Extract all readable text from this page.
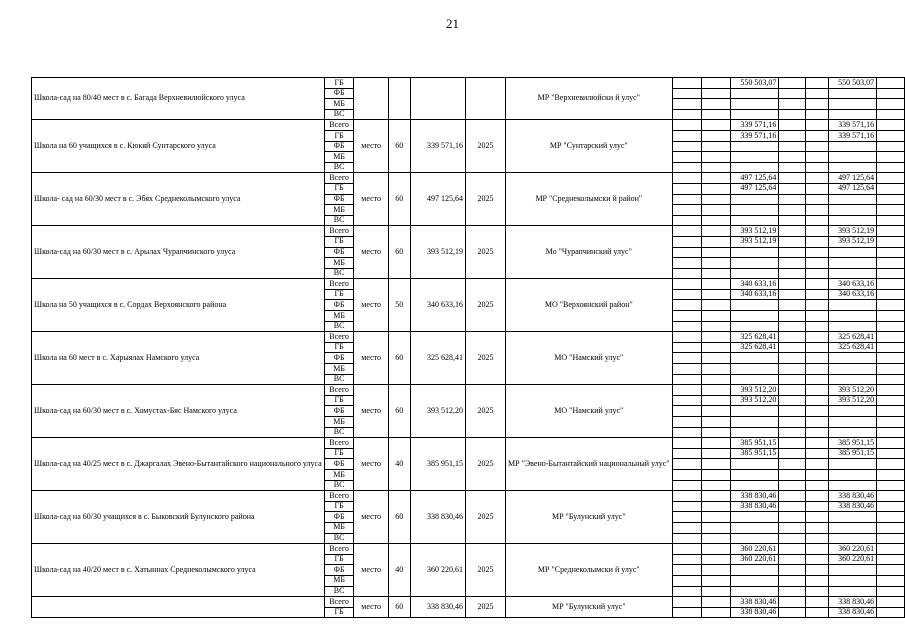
21
Школа-сад на 80/40 мест в с. Багада Верхневилюйского улуса	ГБ					МР "Верхневилюйски й улус"			550 503,07			550 503,07	
	ФБ												
	МБ												
	ВС												
Школа на 60 учащихся в с. Кюкяй Сунтарского улуса	Всего	место	60	339 571,16	2025	МР "Сунтарский улус"			339 571,16			339 571,16	
	ГБ								339 571,16			339 571,16	
	ФБ												
	МБ												
	ВС												
Школа- сад на 60/30 мест в с. Эбях Среднеколымского улуса	Всего	место	60	497 125,64	2025	МР "Среднеколымски й район"			497 125,64			497 125,64	
	ГБ								497 125,64			497 125,64	
	ФБ												
	МБ												
	ВС												
Школа-сад на 60/30 мест в с. Арылах Чурапчинского улуса	Всего	место	60	393 512,19	2025	Мо "Чурапчинский улус"			393 512,19			393 512,19	
	ГБ								393 512,19			393 512,19	
	ФБ												
	МБ												
	ВС												
Школа на 50 учащихся в с. Сордах Верхоянского района	Всего	место	50	340 633,16	2025	МО "Верхоянский район"			340 633,16			340 633,16	
	ГБ								340 633,16			340 633,16	
	ФБ												
	МБ												
	ВС												
Школа на 60 мест в с. Харыялах Намского улуса	Всего	место	60	325 628,41	2025	МО "Намский улус"			325 628,41			325 628,41	
	ГБ								325 628,41			325 628,41	
	ФБ												
	МБ												
	ВС												
Школа-сад на 60/30 мест в с. Хомустах-Бяс Намского улуса	Всего	место	60	393 512,20	2025	МО "Намский улус"			393 512,20			393 512,20	
	ГБ								393 512,20			393 512,20	
	ФБ												
	МБ												
	ВС												
Школа-сад на 40/25 мест в с. Джаргалах Эвено-Бытантайского национального улуса	Всего	место	40	385 951,15	2025	МР "Эвено-Бытантайский национальный улус"			385 951,15			385 951,15	
	ГБ								385 951,15			385 951,15	
	ФБ												
	МБ												
	ВС												
Школа-сад на 60/30 учащихся в с. Быковский Булунского района	Всего	место	60	338 830,46	2025	МР "Булунский улус"			338 830,46			338 830,46	
	ГБ								338 830,46			338 830,46	
	ФБ												
	МБ												
	ВС												
Школа-сад на 40/20 мест в с. Хатыннах Среднеколымского улуса	Всего	место	40	360 220,61	2025	МР "Среднеколымски й улус"			360 220,61			360 220,61	
	ГБ								360 220,61			360 220,61	
	ФБ												
	МБ												
	ВС												
	Всего	место	60	338 830,46	2025	МР "Булунский улус"			338 830,46			338 830,46	
	ГБ								338 830,46			338 830,46	
